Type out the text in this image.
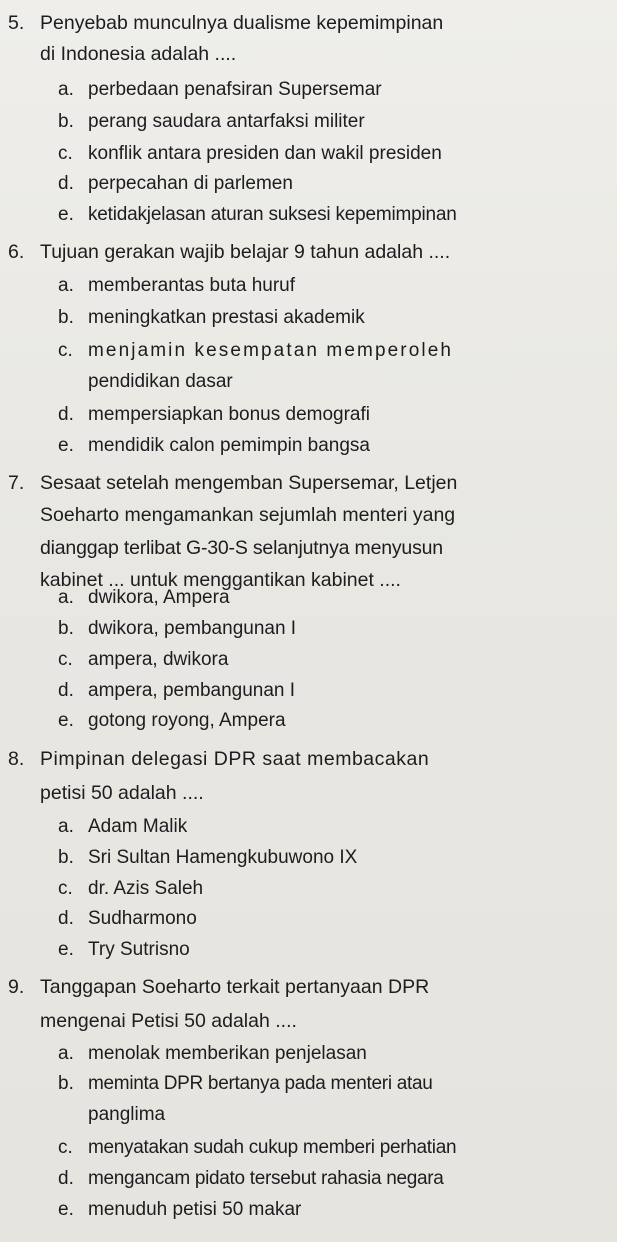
5. Penyebab munculnya dualisme kepemimpinan
di Indonesia adalah ....
a. perbedaan penafsiran Supersemar
b. perang saudara antarfaksi militer
c. konflik antara presiden dan wakil presiden
d. perpecahan di parlemen
e. ketidakjelasan aturan suksesi kepemimpinan
6. Tujuan gerakan wajib belajar 9 tahun adalah ....
a. memberantas buta huruf
b. meningkatkan prestasi akademik
c. menjamin kesempatan memperoleh
pendidikan dasar
d. mempersiapkan bonus demografi
e. mendidik calon pemimpin bangsa
7. Sesaat setelah mengemban Supersemar, Letjen
Soeharto mengamankan sejumlah menteri yang
dianggap terlibat G-30-S selanjutnya menyusun
kabinet ... untuk menggantikan kabinet ....
a. dwikora, Ampera
b. dwikora, pembangunan I
c. ampera, dwikora
d. ampera, pembangunan I
e. gotong royong, Ampera
8. Pimpinan delegasi DPR saat membacakan
petisi 50 adalah ....
a. Adam Malik
b. Sri Sultan Hamengkubuwono IX
c. dr. Azis Saleh
d. Sudharmono
e. Try Sutrisno
9. Tanggapan Soeharto terkait pertanyaan DPR
mengenai Petisi 50 adalah ....
a. menolak memberikan penjelasan
b. meminta DPR bertanya pada menteri atau
panglima
c. menyatakan sudah cukup memberi perhatian
d. mengancam pidato tersebut rahasia negara
e. menuduh petisi 50 makar
